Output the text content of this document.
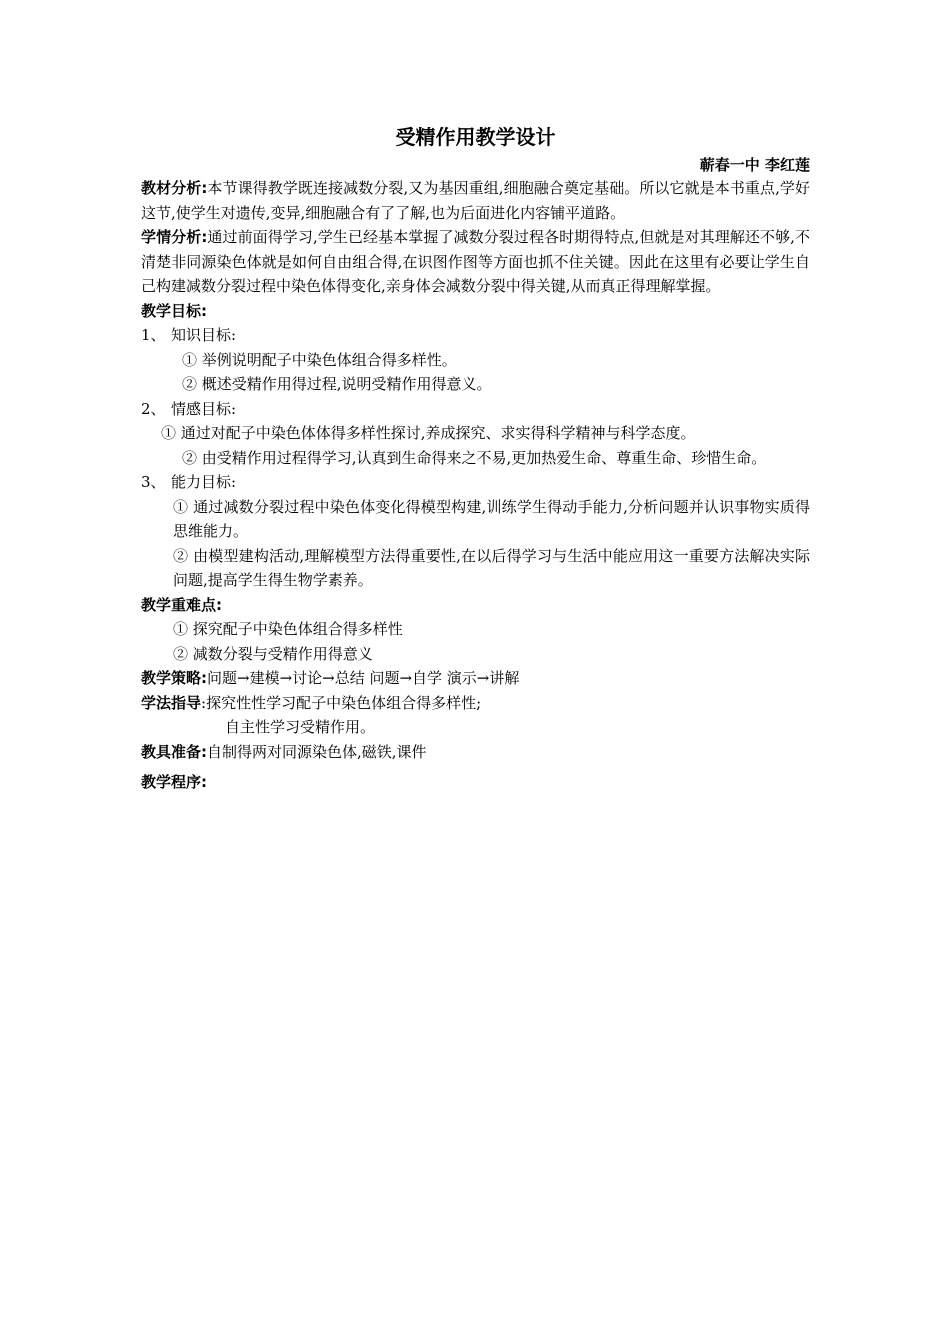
受精作用教学设计
蕲春一中 李红莲

教材分析:本节课得教学既连接减数分裂,又为基因重组,细胞融合奠定基础。所以它就是本书重点,学好这节,使学生对遗传,变异,细胞融合有了了解,也为后面进化内容铺平道路。

学情分析:通过前面得学习,学生已经基本掌握了减数分裂过程各时期得特点,但就是对其理解还不够,不清楚非同源染色体就是如何自由组合得,在识图作图等方面也抓不住关键。因此在这里有必要让学生自己构建减数分裂过程中染色体得变化,亲身体会减数分裂中得关键,从而真正得理解掌握。

教学目标:

1、 知识目标:

① 举例说明配子中染色体组合得多样性。

② 概述受精作用得过程,说明受精作用得意义。

2、 情感目标:

① 通过对配子中染色体体得多样性探讨,养成探究、求实得科学精神与科学态度。

② 由受精作用过程得学习,认真到生命得来之不易,更加热爱生命、尊重生命、珍惜生命。

3、 能力目标:

① 通过减数分裂过程中染色体变化得模型构建,训练学生得动手能力,分析问题并认识事物实质得思维能力。

② 由模型建构活动,理解模型方法得重要性,在以后得学习与生活中能应用这一重要方法解决实际问题,提高学生得生物学素养。

教学重难点:

① 探究配子中染色体组合得多样性

② 减数分裂与受精作用得意义

教学策略:问题→建模→讨论→总结 问题→自学 演示→讲解

学法指导:探究性性学习配子中染色体组合得多样性;

自主性学习受精作用。

教具准备:自制得两对同源染色体,磁铁,课件

教学程序:
